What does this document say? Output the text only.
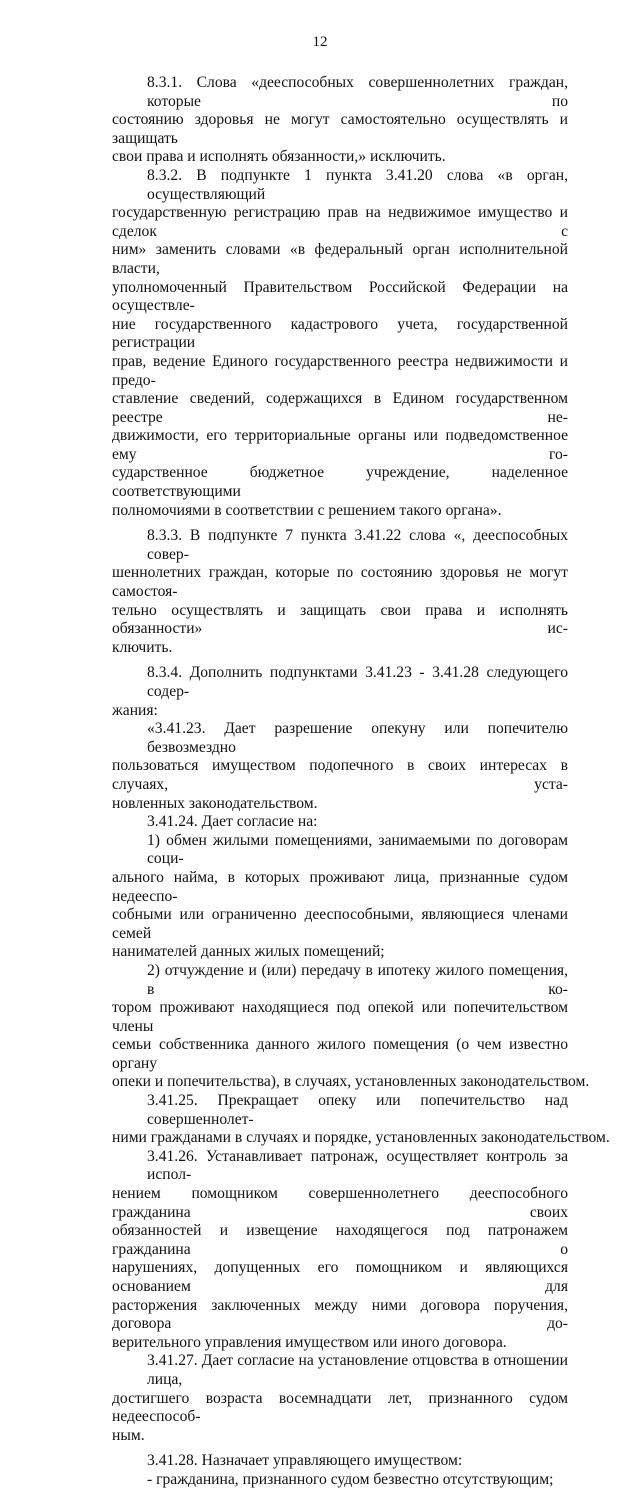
12
8.3.1. Слова «дееспособных совершеннолетних граждан, которые по
состоянию здоровья не могут самостоятельно осуществлять и защищать
свои права и исполнять обязанности,» исключить.
8.3.2. В подпункте 1 пункта 3.41.20 слова «в орган, осуществляющий
государственную регистрацию прав на недвижимое имущество и сделок с
ним» заменить словами «в федеральный орган исполнительной власти,
уполномоченный Правительством Российской Федерации на осуществле-
ние государственного кадастрового учета, государственной регистрации
прав, ведение Единого государственного реестра недвижимости и предо-
ставление сведений, содержащихся в Едином государственном реестре не-
движимости, его территориальные органы или подведомственное ему го-
сударственное бюджетное учреждение, наделенное соответствующими
полномочиями в соответствии с решением такого органа».
8.3.3. В подпункте 7 пункта 3.41.22 слова «, дееспособных совер-
шеннолетних граждан, которые по состоянию здоровья не могут самостоя-
тельно осуществлять и защищать свои права и исполнять обязанности» ис-
ключить.
8.3.4. Дополнить подпунктами 3.41.23 - 3.41.28 следующего содер-
жания:
«3.41.23. Дает разрешение опекуну или попечителю безвозмездно
пользоваться имуществом подопечного в своих интересах в случаях, уста-
новленных законодательством.
3.41.24. Дает согласие на:
1) обмен жилыми помещениями, занимаемыми по договорам соци-
ального найма, в которых проживают лица, признанные судом недееспо-
собными или ограниченно дееспособными, являющиеся членами семей
нанимателей данных жилых помещений;
2) отчуждение и (или) передачу в ипотеку жилого помещения, в ко-
тором проживают находящиеся под опекой или попечительством члены
семьи собственника данного жилого помещения (о чем известно органу
опеки и попечительства), в случаях, установленных законодательством.
3.41.25. Прекращает опеку или попечительство над совершеннолет-
ними гражданами в случаях и порядке, установленных законодательством.
3.41.26. Устанавливает патронаж, осуществляет контроль за испол-
нением помощником совершеннолетнего дееспособного гражданина своих
обязанностей и извещение находящегося под патронажем гражданина о
нарушениях, допущенных его помощником и являющихся основанием для
расторжения заключенных между ними договора поручения, договора до-
верительного управления имуществом или иного договора.
3.41.27. Дает согласие на установление отцовства в отношении лица,
достигшего возраста восемнадцати лет, признанного судом недееспособ-
ным.
3.41.28. Назначает управляющего имуществом:
- гражданина, признанного судом безвестно отсутствующим;
